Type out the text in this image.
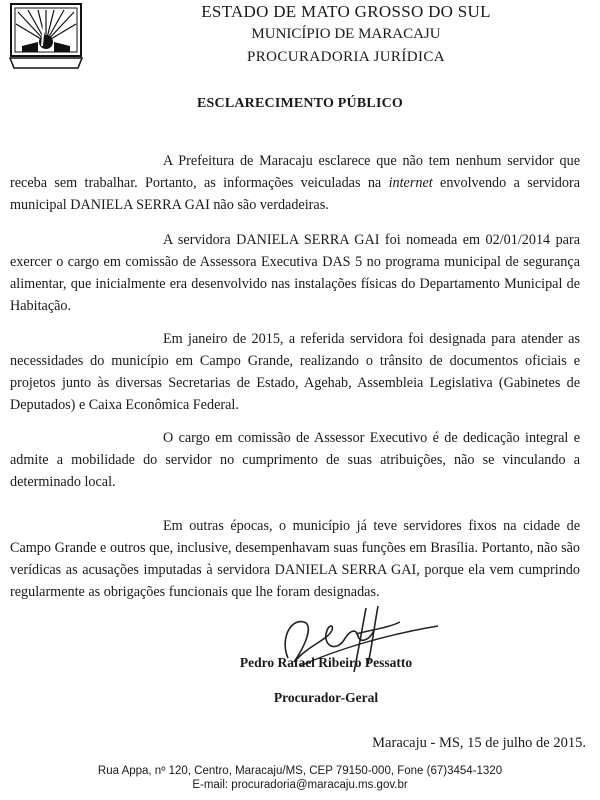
ESTADO DE MATO GROSSO DO SUL
MUNICÍPIO DE MARACAJU
PROCURADORIA JURÍDICA
ESCLARECIMENTO PÚBLICO

A Prefeitura de Maracaju esclarece que não tem nenhum servidor que receba sem trabalhar. Portanto, as informações veiculadas na internet envolvendo a servidora municipal DANIELA SERRA GAI não são verdadeiras.

A servidora DANIELA SERRA GAI foi nomeada em 02/01/2014 para exercer o cargo em comissão de Assessora Executiva DAS 5 no programa municipal de segurança alimentar, que inicialmente era desenvolvido nas instalações físicas do Departamento Municipal de Habitação.

Em janeiro de 2015, a referida servidora foi designada para atender as necessidades do município em Campo Grande, realizando o trânsito de documentos oficiais e projetos junto às diversas Secretarias de Estado, Agehab, Assembleia Legislativa (Gabinetes de Deputados) e Caixa Econômica Federal.

O cargo em comissão de Assessor Executivo é de dedicação integral e admite a mobilidade do servidor no cumprimento de suas atribuições, não se vinculando a determinado local.

Em outras épocas, o município já teve servidores fixos na cidade de Campo Grande e outros que, inclusive, desempenhavam suas funções em Brasília. Portanto, não são verídicas as acusações imputadas à servidora DANIELA SERRA GAI, porque ela vem cumprindo regularmente as obrigações funcionais que lhe foram designadas.

Pedro Rafael Ribeiro Pessatto
Procurador-Geral
Maracaju - MS, 15 de julho de 2015.
Rua Appa, nº 120, Centro, Maracaju/MS, CEP 79150-000, Fone (67)3454-1320
E-mail: procuradoria@maracaju.ms.gov.br
